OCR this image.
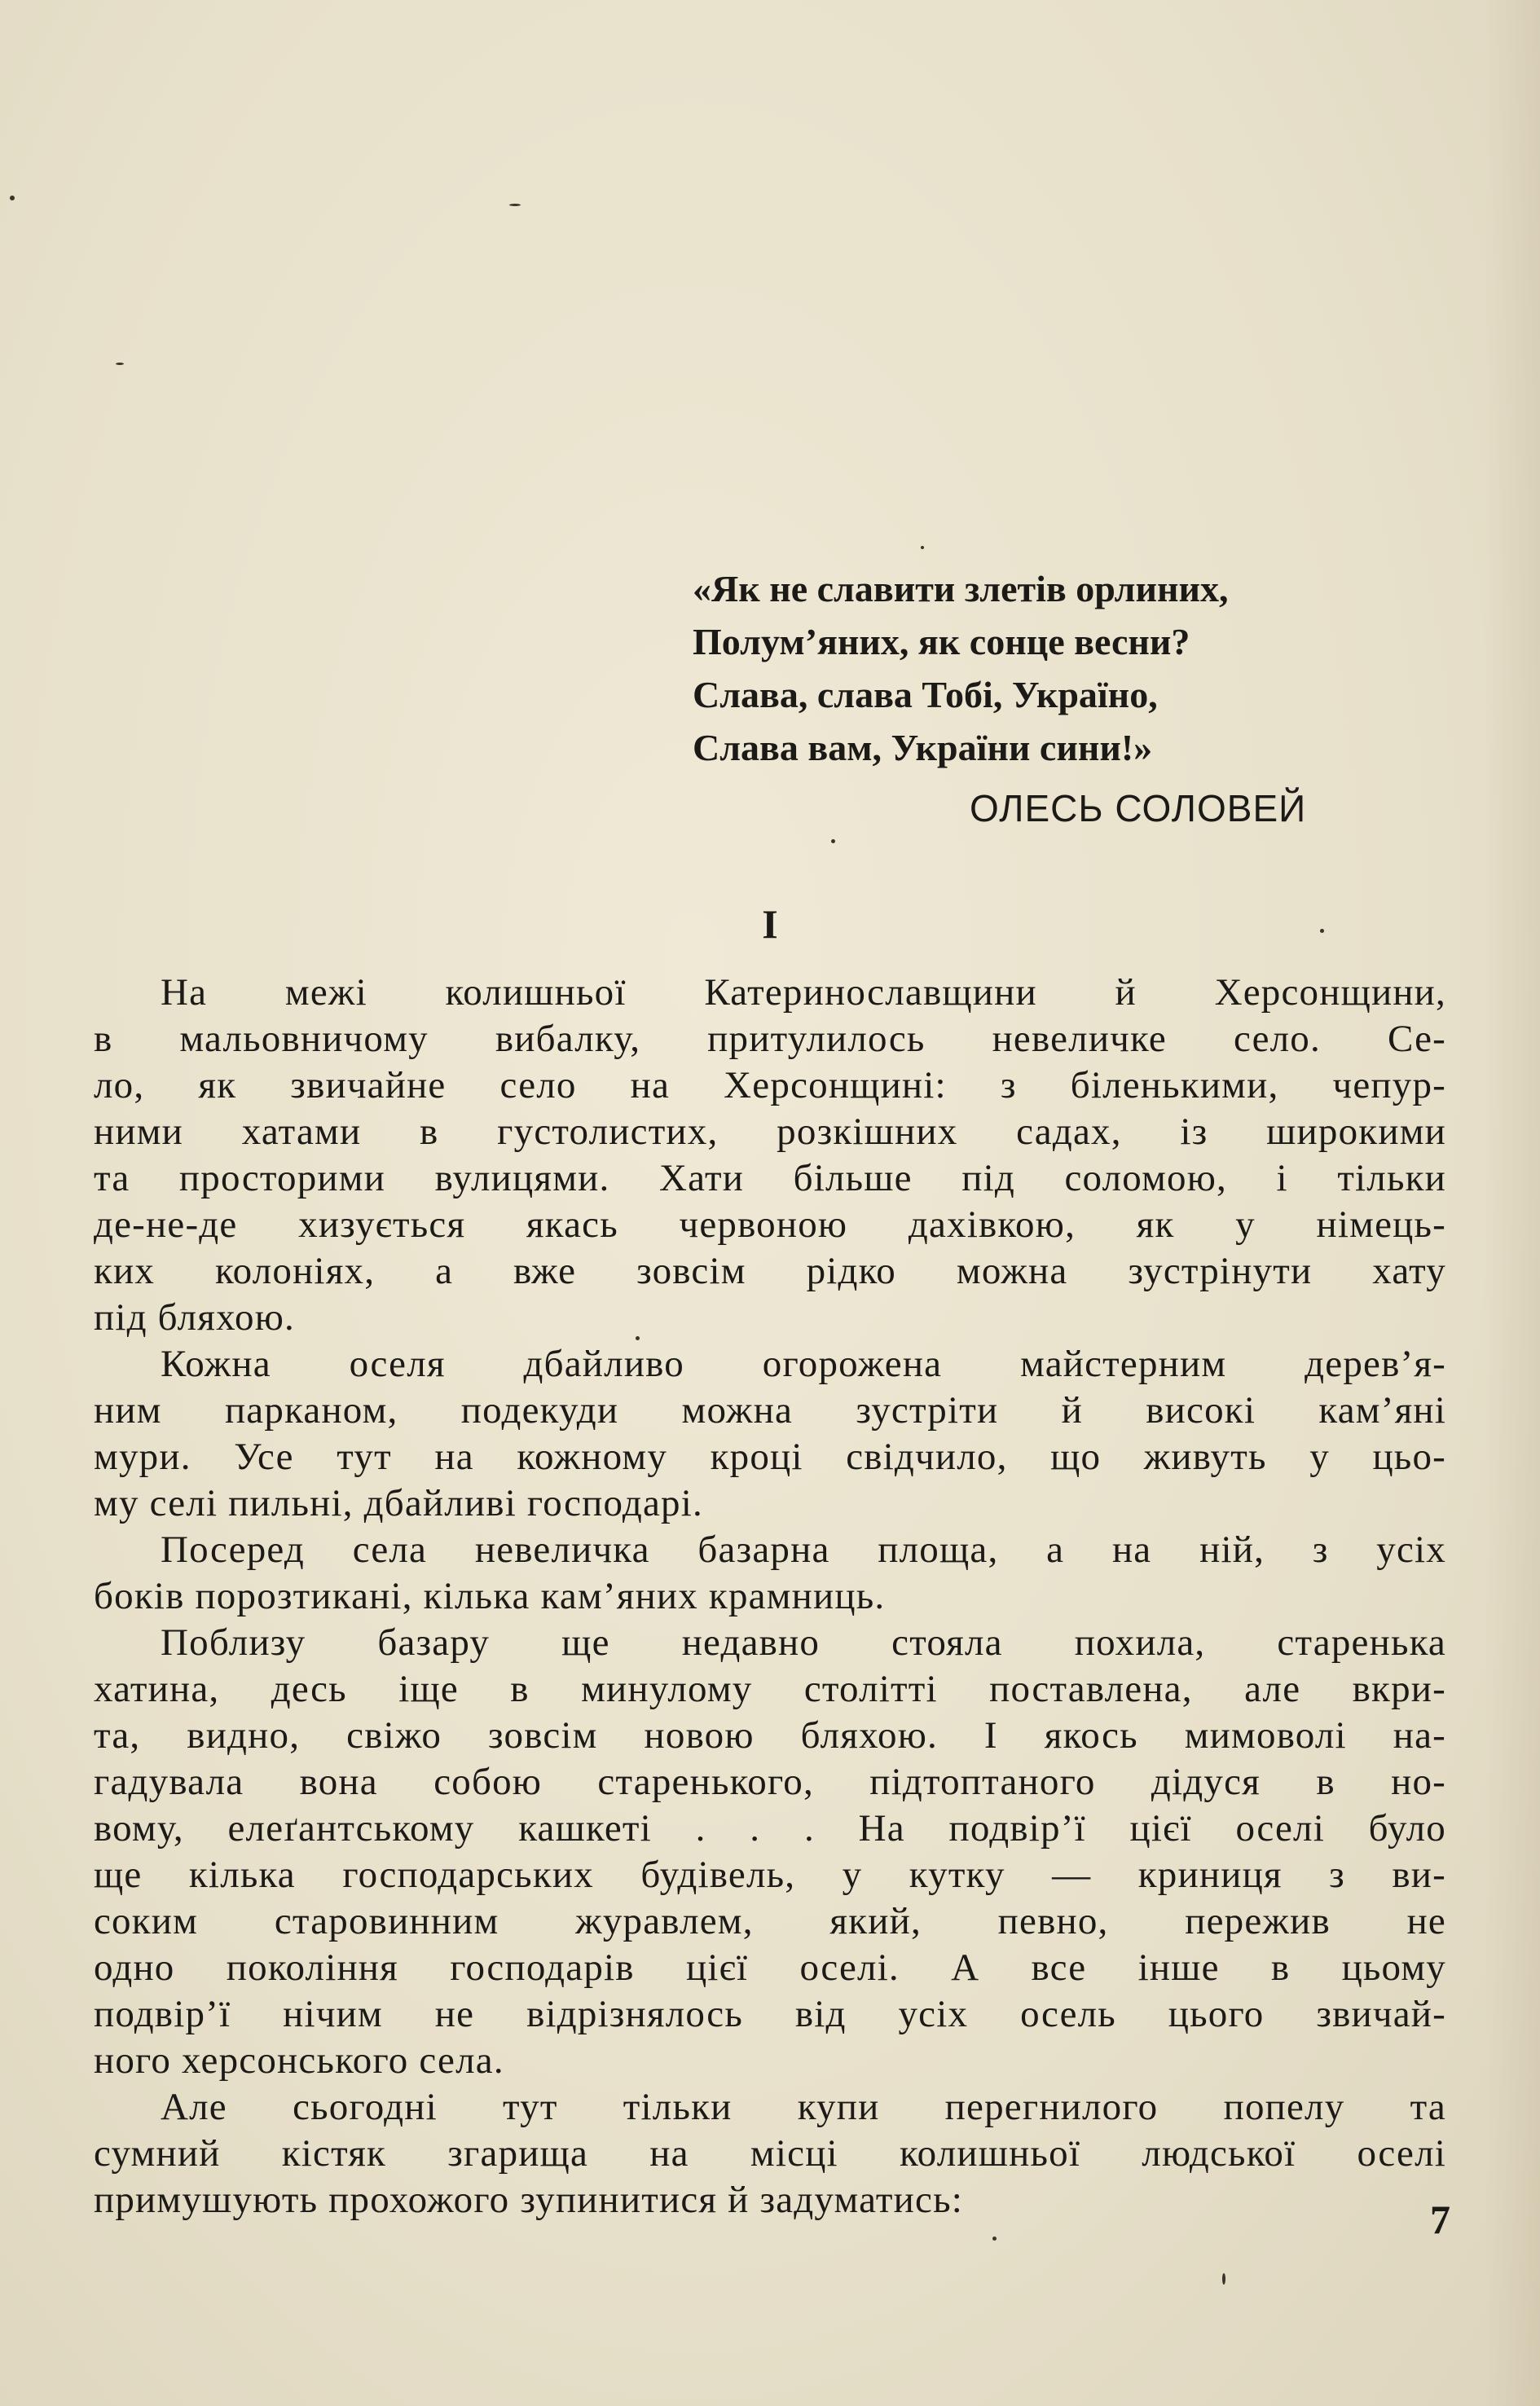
«Як не славити злетів орлиних,
Полум’яних, як сонце весни?
Слава, слава Тобі, Україно,
Слава вам, України сини!»
ОЛЕСЬ СОЛОВЕЙ
I
На межі колишньої Катеринославщини й Херсонщини,
в мальовничому вибалку, притулилось невеличке село. Се-
ло, як звичайне село на Херсонщині: з біленькими, чепур-
ними хатами в густолистих, розкішних садах, із широкими
та просторими вулицями. Хати більше під соломою, і тільки
де-не-де хизується якась червоною дахівкою, як у німець-
ких колоніях, а вже зовсім рідко можна зустрінути хату
під бляхою.
Кожна оселя дбайливо огорожена майстерним дерев’я-
ним парканом, подекуди можна зустріти й високі кам’яні
мури. Усе тут на кожному кроці свідчило, що живуть у цьо-
му селі пильні, дбайливі господарі.
Посеред села невеличка базарна площа, а на ній, з усіх
боків порозтикані, кілька кам’яних крамниць.
Поблизу базару ще недавно стояла похила, старенька
хатина, десь іще в минулому столітті поставлена, але вкри-
та, видно, свіжо зовсім новою бляхою. І якось мимоволі на-
гадувала вона собою старенького, підтоптаного дідуся в но-
вому, елеґантському кашкеті . . . На подвір’ї цієї оселі було
ще кілька господарських будівель, у кутку — криниця з ви-
соким старовинним журавлем, який, певно, пережив не
одно покоління господарів цієї оселі. А все інше в цьому
подвір’ї нічим не відрізнялось від усіх осель цього звичай-
ного херсонського села.
Але сьогодні тут тільки купи перегнилого попелу та
сумний кістяк згарища на місці колишньої людської оселі
примушують прохожого зупинитися й задуматись:	7
